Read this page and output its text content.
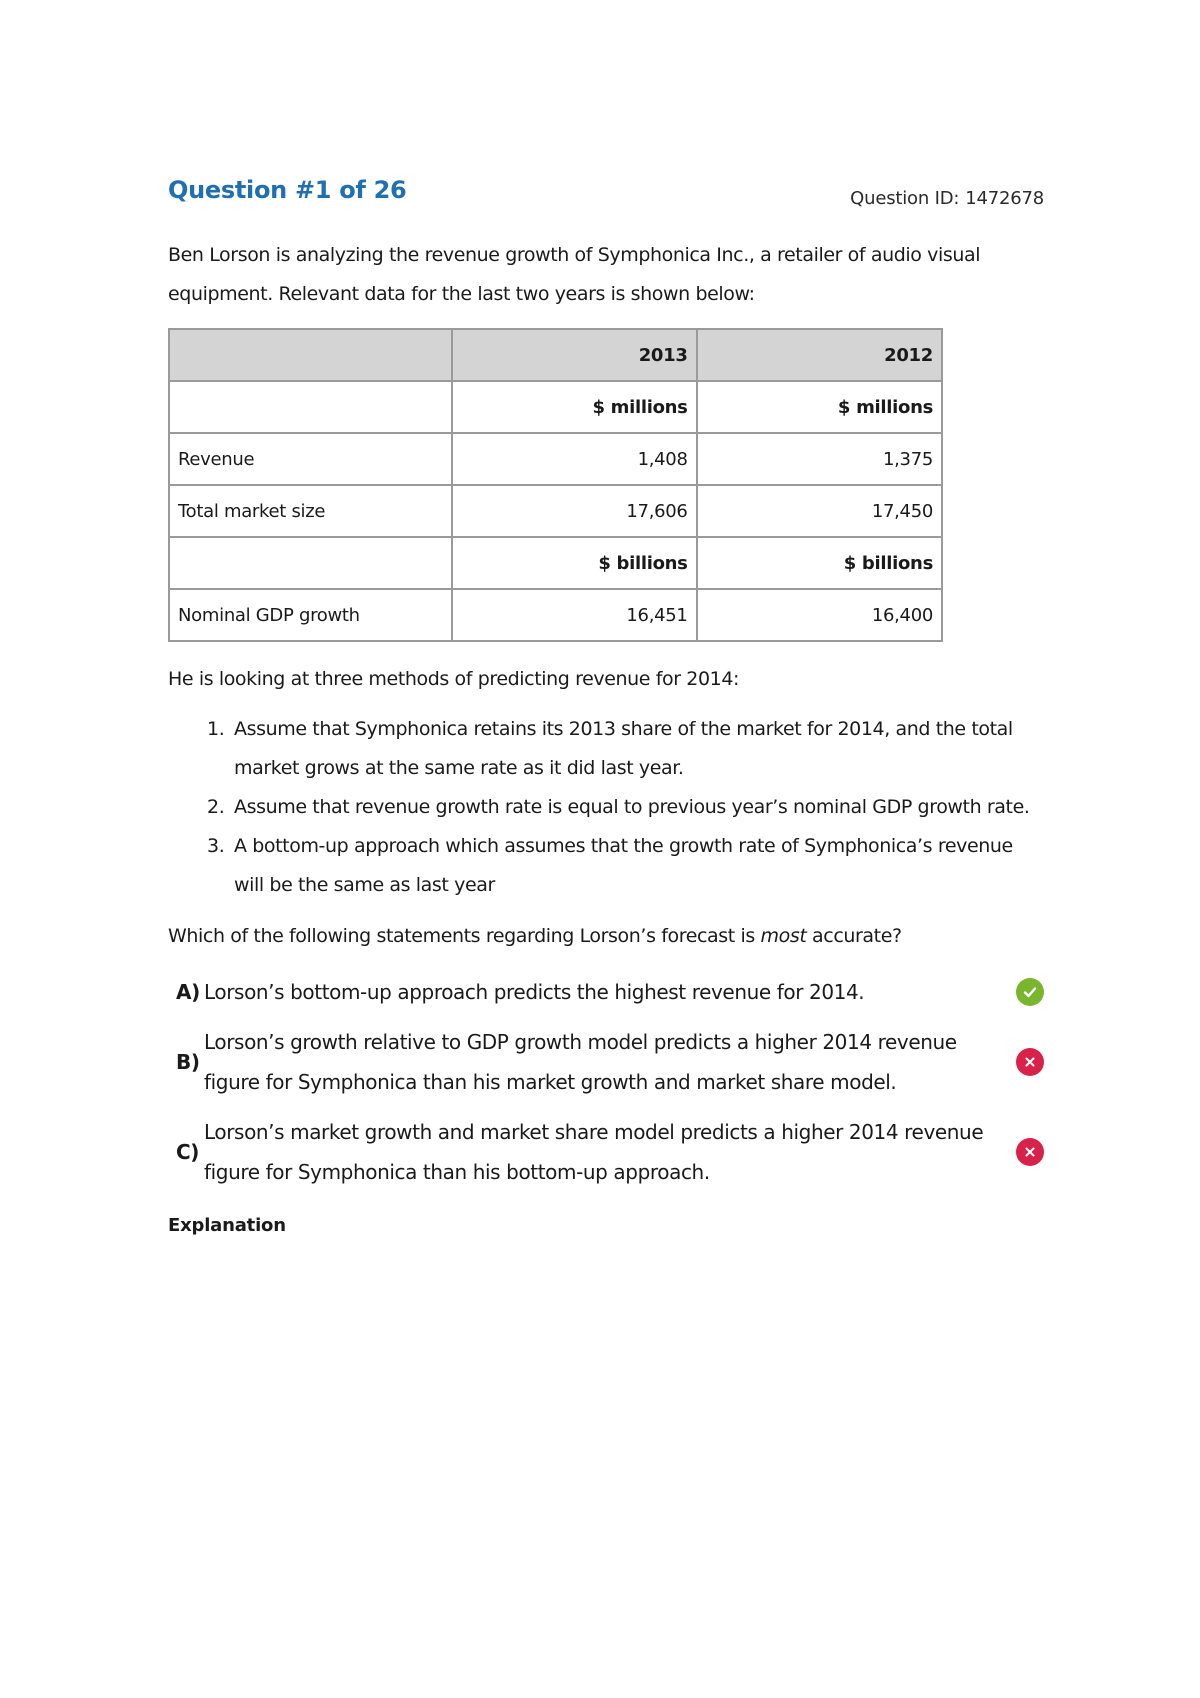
Question #1 of 26	Question ID: 1472678
Ben Lorson is analyzing the revenue growth of Symphonica Inc., a retailer of audio visual equipment. Relevant data for the last two years is shown below:
	2013	2012
	$ millions	$ millions
Revenue	1,408	1,375
Total market size	17,606	17,450
	$ billions	$ billions
Nominal GDP growth	16,451	16,400
He is looking at three methods of predicting revenue for 2014:
1. Assume that Symphonica retains its 2013 share of the market for 2014, and the total market grows at the same rate as it did last year.
2. Assume that revenue growth rate is equal to previous year’s nominal GDP growth rate.
3. A bottom-up approach which assumes that the growth rate of Symphonica’s revenue will be the same as last year
Which of the following statements regarding Lorson’s forecast is most accurate?
A) Lorson’s bottom-up approach predicts the highest revenue for 2014.
B)
Lorson’s growth relative to GDP growth model predicts a higher 2014 revenue figure for Symphonica than his market growth and market share model.
C)
Lorson’s market growth and market share model predicts a higher 2014 revenue figure for Symphonica than his bottom-up approach.
Explanation
